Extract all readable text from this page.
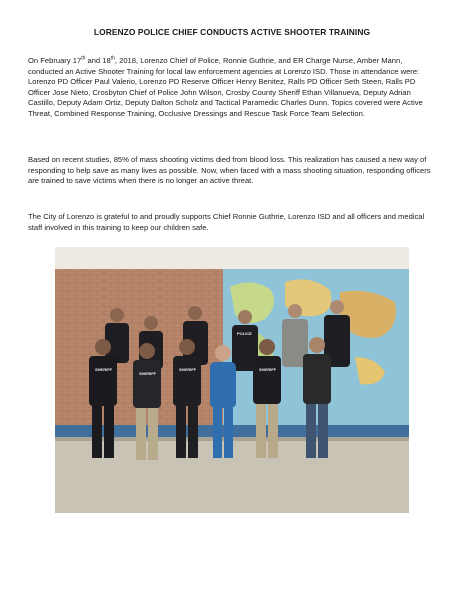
LORENZO POLICE CHIEF CONDUCTS ACTIVE SHOOTER TRAINING

On February 17th and 18th, 2018, Lorenzo Chief of Police, Ronnie Guthrie, and ER Charge Nurse, Amber Mann, conducted an Active Shooter Training for local law enforcement agencies at Lorenzo ISD. Those in attendance were: Lorenzo PD Officer Paul Valerio, Lorenzo PD Reserve Officer Henry Benitez, Ralls PD Officer Seth Steen, Ralls PD Officer Jose Nieto, Crosbyton Chief of Police John Wilson, Crosby County Sheriff Ethan Villanueva, Deputy Adrian Castillo, Deputy Adam Ortiz, Deputy Dalton Scholz and Tactical Paramedic Charles Dunn. Topics covered were Active Threat, Combined Response Training, Occlusive Dressings and Rescue Task Force Team Selection.

Based on recent studies, 85% of mass shooting victims died from blood loss. This realization has caused a new way of responding to help save as many lives as possible. Now, when faced with a mass shooting situation, responding officers are trained to save victims when there is no longer an active threat.

The City of Lorenzo is grateful to and proudly supports Chief Ronnie Guthrie, Lorenzo ISD and all officers and medical staff involved in this training to keep our children safe.

SHERIFF
SHERIFF
SHERIFF
POLICE
SHERIFF
